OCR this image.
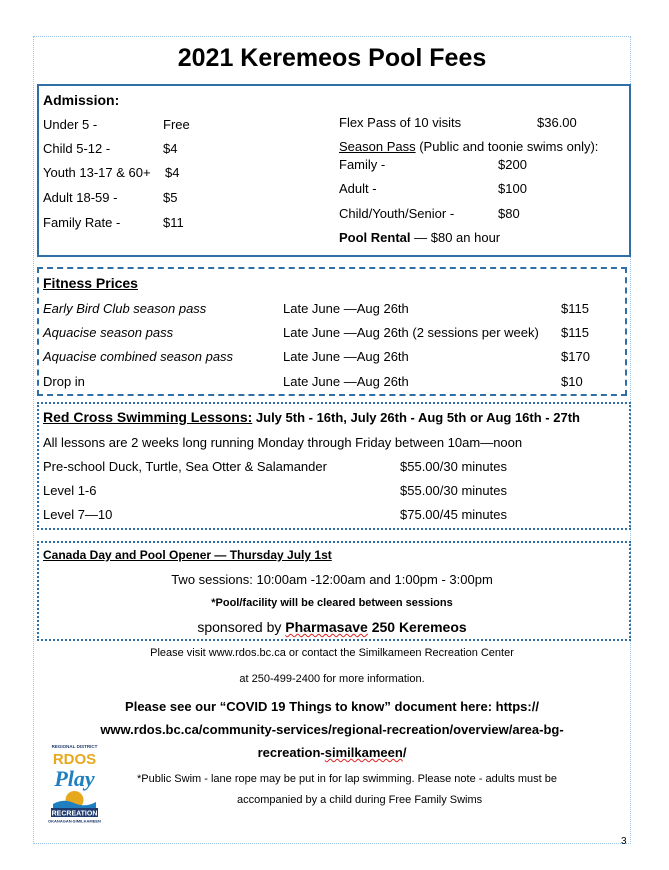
2021 Keremeos Pool Fees
Admission:
Under 5 -	Free
Child 5-12 -	$4
Youth 13-17 & 60+ $4
Adult 18-59 -	$5
Family Rate -	$11
Flex Pass of 10 visits	$36.00
Season Pass (Public and toonie swims only):
Family -	$200
Adult -	$100
Child/Youth/Senior -	$80
Pool Rental — $80 an hour
Fitness Prices
Early Bird Club season pass	Late June —Aug 26th	$115
Aquacise season pass	Late June —Aug 26th (2 sessions per week) $115
Aquacise combined season pass	Late June —Aug 26th	$170
Drop in	Late June —Aug 26th	$10
Red Cross Swimming Lessons: July 5th - 16th, July 26th - Aug 5th or Aug 16th - 27th
All lessons are 2 weeks long running Monday through Friday between 10am—noon
Pre-school Duck, Turtle, Sea Otter & Salamander	$55.00/30 minutes
Level 1-6	$55.00/30 minutes
Level 7—10	$75.00/45 minutes
Canada Day and Pool Opener — Thursday July 1st
Two sessions: 10:00am -12:00am and 1:00pm - 3:00pm
*Pool/facility will be cleared between sessions
sponsored by Pharmasave 250 Keremeos
Please visit www.rdos.bc.ca or contact the Similkameen Recreation Center
at 250-499-2400 for more information.
Please see our “COVID 19 Things to know” document here: https://
www.rdos.bc.ca/community-services/regional-recreation/overview/area-bg-
recreation-similkameen/
*Public Swim - lane rope may be put in for lap swimming. Please note - adults must be
accompanied by a child during Free Family Swims
REGIONAL DISTRICT
RDOS
Play
RECREATION
OKANAGAN-SIMILKAMEEN
3
